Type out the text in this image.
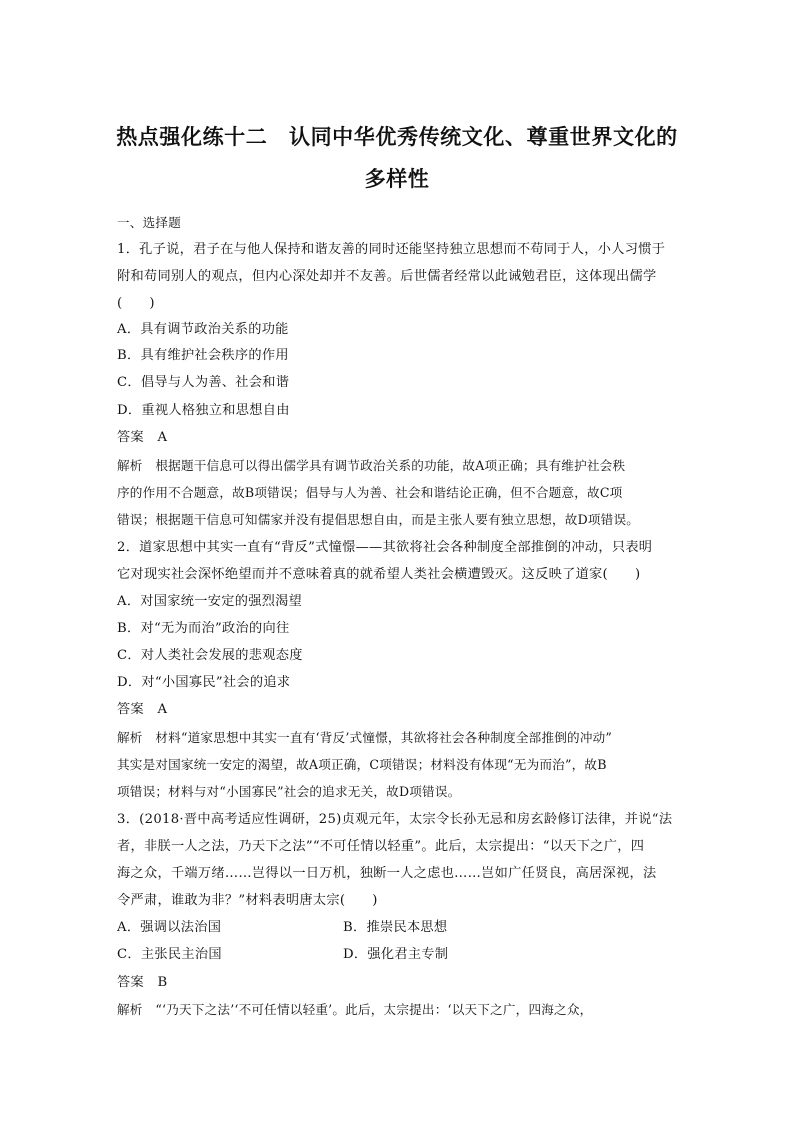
热点强化练十二　认同中华优秀传统文化、尊重世界文化的
多样性
一、选择题
1．孔子说，君子在与他人保持和谐友善的同时还能坚持独立思想而不苟同于人，小人习惯于
附和苟同别人的观点，但内心深处却并不友善。后世儒者经常以此诫勉君臣，这体现出儒学
(　　)
A．具有调节政治关系的功能
B．具有维护社会秩序的作用
C．倡导与人为善、社会和谐
D．重视人格独立和思想自由
答案　A
解析　根据题干信息可以得出儒学具有调节政治关系的功能，故A项正确；具有维护社会秩
序的作用不合题意，故B项错误；倡导与人为善、社会和谐结论正确，但不合题意，故C项
错误；根据题干信息可知儒家并没有提倡思想自由，而是主张人要有独立思想，故D项错误。
2．道家思想中其实一直有“背反”式憧憬——其欲将社会各种制度全部推倒的冲动，只表明
它对现实社会深怀绝望而并不意味着真的就希望人类社会横遭毁灭。这反映了道家(　　)
A．对国家统一安定的强烈渴望
B．对“无为而治”政治的向往
C．对人类社会发展的悲观态度
D．对“小国寡民”社会的追求
答案　A
解析　材料“道家思想中其实一直有‘背反’式憧憬，其欲将社会各种制度全部推倒的冲动”
其实是对国家统一安定的渴望，故A项正确，C项错误；材料没有体现“无为而治”，故B
项错误；材料与对“小国寡民”社会的追求无关，故D项错误。
3．(2018·晋中高考适应性调研，25)贞观元年，太宗令长孙无忌和房玄龄修订法律，并说“法
者，非朕一人之法，乃天下之法”“不可任情以轻重”。此后，太宗提出：“以天下之广，四
海之众，千端万绪……岂得以一日万机，独断一人之虑也……岂如广任贤良，高居深视，法
令严肃，谁敢为非？”材料表明唐太宗(　　)
A．强调以法治国	B．推崇民本思想
C．主张民主治国	D．强化君主专制
答案　B
解析　“‘乃天下之法’‘不可任情以轻重’。此后，太宗提出：‘以天下之广，四海之众，
